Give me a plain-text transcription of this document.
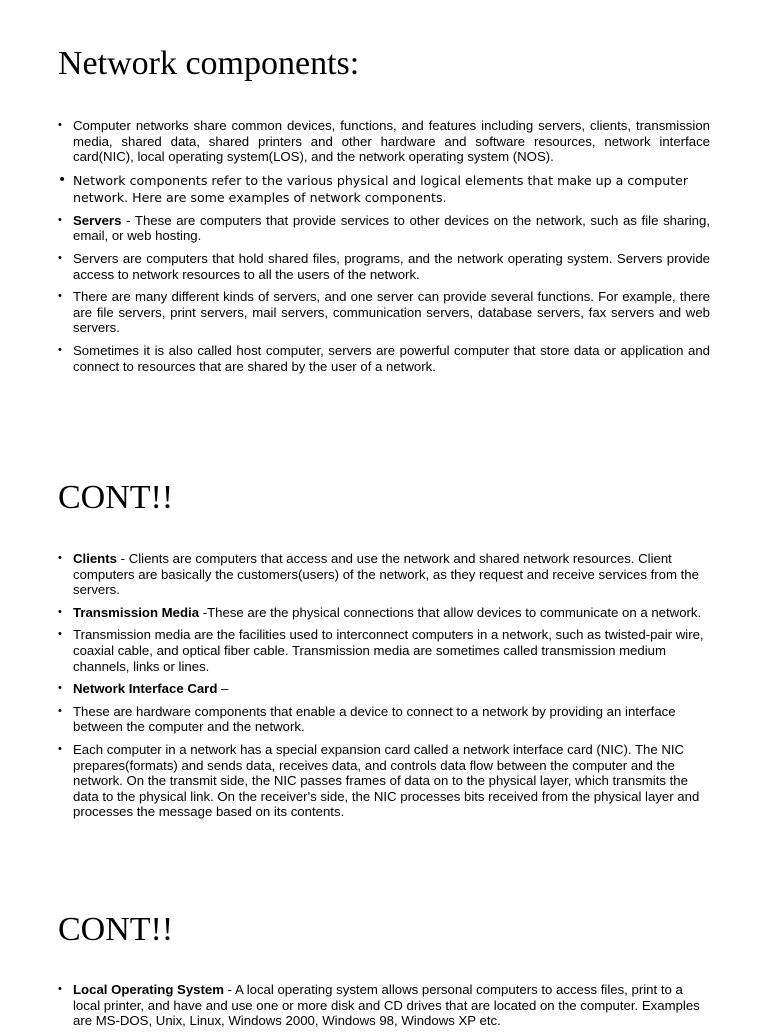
Network components:
• Computer networks share common devices, functions, and features including servers, clients, transmission media, shared data, shared printers and other hardware and software resources, network interface card(NIC), local operating system(LOS), and the network operating system (NOS).
• Network components refer to the various physical and logical elements that make up a computer network. Here are some examples of network components.
• Servers - These are computers that provide services to other devices on the network, such as file sharing, email, or web hosting.
• Servers are computers that hold shared files, programs, and the network operating system. Servers provide access to network resources to all the users of the network.
• There are many different kinds of servers, and one server can provide several functions. For example, there are file servers, print servers, mail servers, communication servers, database servers, fax servers and web servers.
• Sometimes it is also called host computer, servers are powerful computer that store data or application and connect to resources that are shared by the user of a network.
CONT!!
• Clients - Clients are computers that access and use the network and shared network resources. Client computers are basically the customers(users) of the network, as they request and receive services from the servers.
• Transmission Media -These are the physical connections that allow devices to communicate on a network.
• Transmission media are the facilities used to interconnect computers in a network, such as twisted-pair wire, coaxial cable, and optical fiber cable. Transmission media are sometimes called transmission medium channels, links or lines.
• Network Interface Card –
• These are hardware components that enable a device to connect to a network by providing an interface between the computer and the network.
• Each computer in a network has a special expansion card called a network interface card (NIC). The NIC prepares(formats) and sends data, receives data, and controls data flow between the computer and the network. On the transmit side, the NIC passes frames of data on to the physical layer, which transmits the data to the physical link. On the receiver's side, the NIC processes bits received from the physical layer and processes the message based on its contents.
CONT!!
• Local Operating System - A local operating system allows personal computers to access files, print to a local printer, and have and use one or more disk and CD drives that are located on the computer. Examples are MS-DOS, Unix, Linux, Windows 2000, Windows 98, Windows XP etc.
